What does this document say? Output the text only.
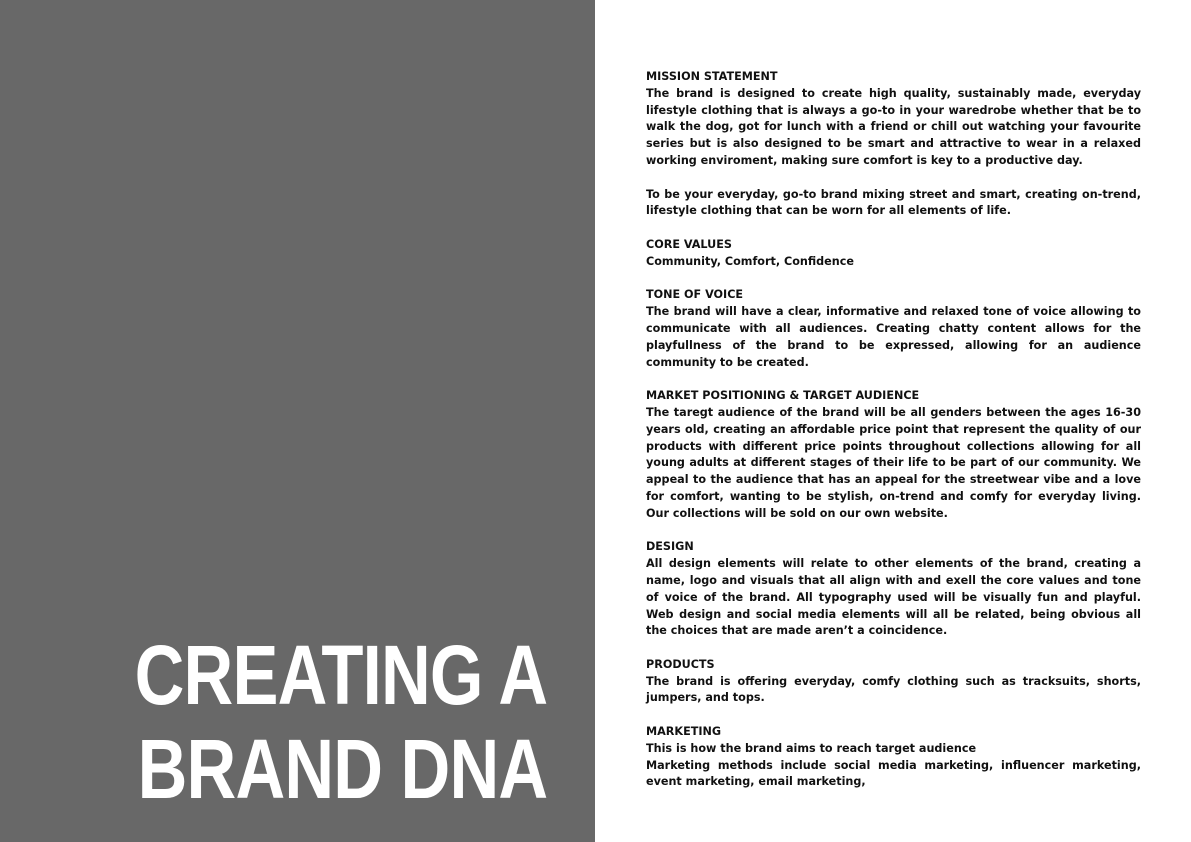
CREATING A
BRAND DNA
MISSION STATEMENT

The brand is designed to create high quality, sustainably made, everyday lifestyle clothing that is always a go-to in your waredrobe whether that be to walk the dog, got for lunch with a friend or chill out watching your favourite series but is also designed to be smart and attractive to wear in a relaxed working enviroment, making sure comfort is key to a productive day.

To be your everyday, go-to brand mixing street and smart, creating on-trend, lifestyle clothing that can be worn for all elements of life.

CORE VALUES

Community, Comfort, Confidence

TONE OF VOICE

The brand will have a clear, informative and relaxed tone of voice allowing to communicate with all audiences. Creating chatty content allows for the playfullness of the brand to be expressed, allowing for an audience community to be created.

MARKET POSITIONING & TARGET AUDIENCE

The taregt audience of the brand will be all genders between the ages 16-30 years old, creating an affordable price point that represent the quality of our products with different price points throughout collections allowing for all young adults at different stages of their life to be part of our community. We appeal to the audience that has an appeal for the streetwear vibe and a love for comfort, wanting to be stylish, on-trend and comfy for everyday living. Our collections will be sold on our own website.

DESIGN

All design elements will relate to other elements of the brand, creating a name, logo and visuals that all align with and exell the core values and tone of voice of the brand. All typography used will be visually fun and playful. Web design and social media elements will all be related, being obvious all the choices that are made aren’t a coincidence.

PRODUCTS

The brand is offering everyday, comfy clothing such as tracksuits, shorts, jumpers, and tops.

MARKETING

This is how the brand aims to reach target audience

Marketing methods include social media marketing, influencer marketing, event marketing, email marketing,
